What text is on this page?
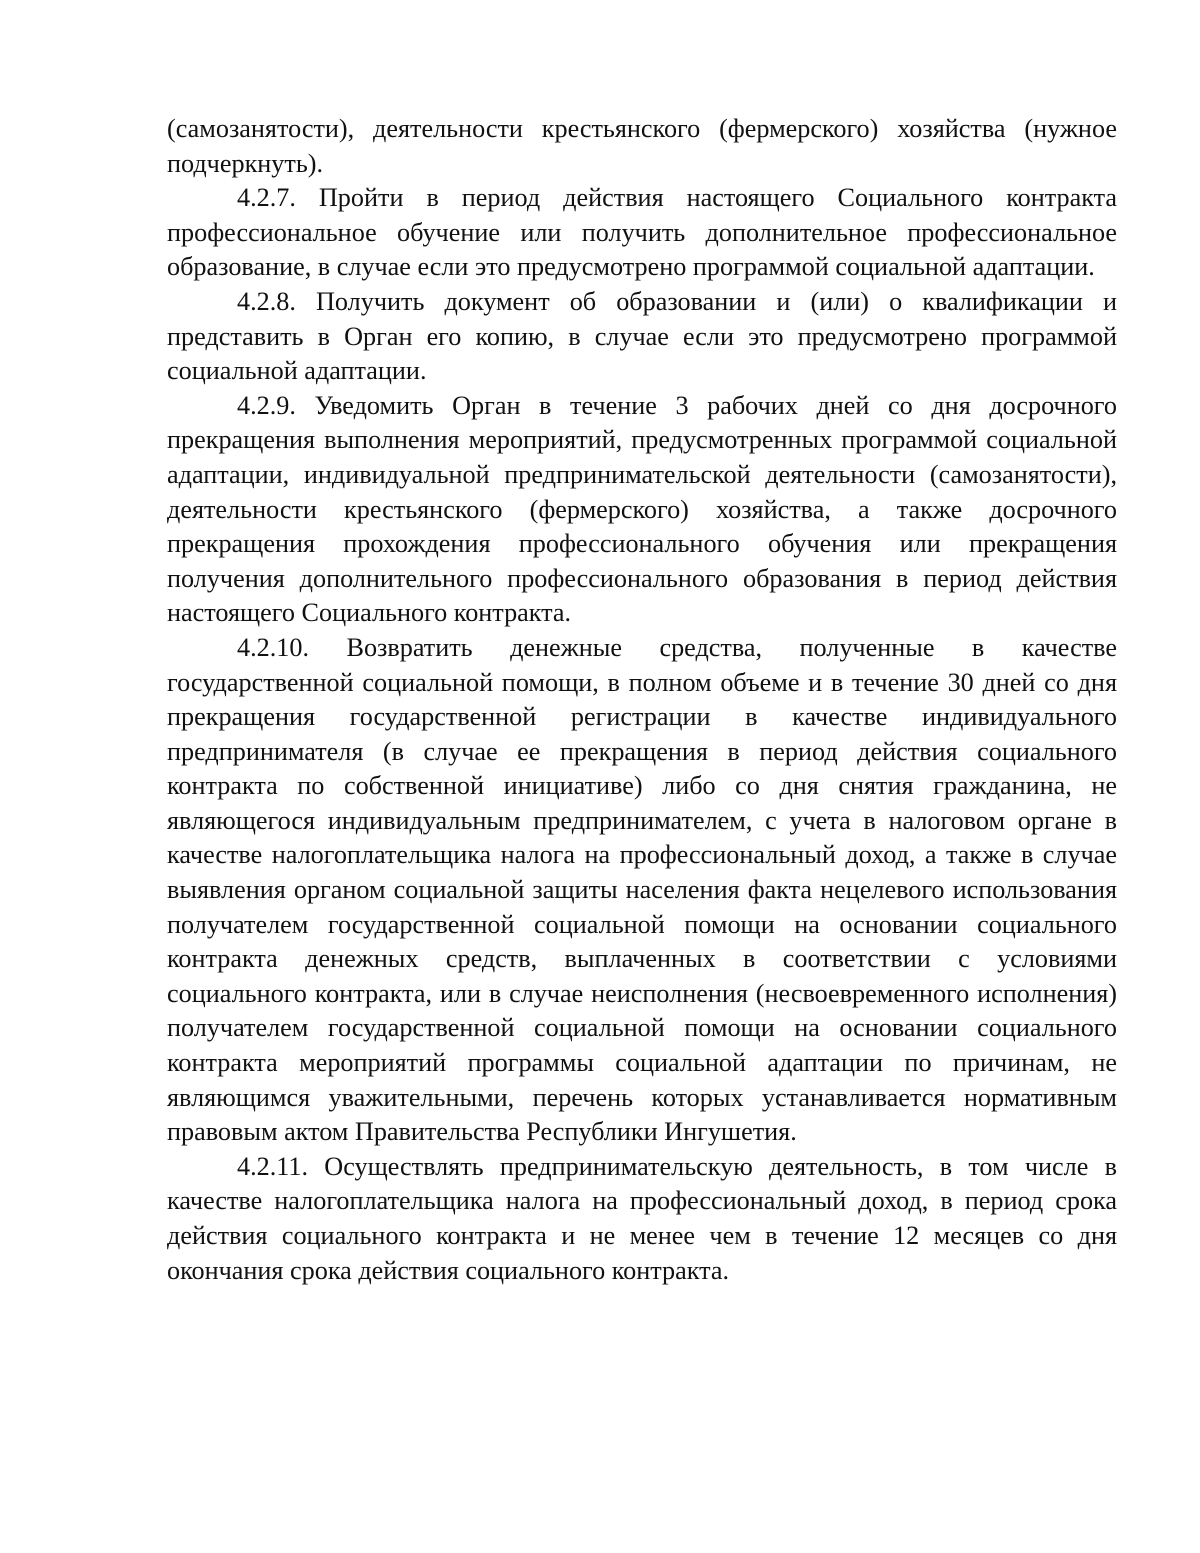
(самозанятости), деятельности крестьянского (фермерского) хозяйства (нужное подчеркнуть).

4.2.7. Пройти в период действия настоящего Социального контракта профессиональное обучение или получить дополнительное профессиональное образование, в случае если это предусмотрено программой социальной адаптации.

4.2.8. Получить документ об образовании и (или) о квалификации и представить в Орган его копию, в случае если это предусмотрено программой социальной адаптации.

4.2.9. Уведомить Орган в течение 3 рабочих дней со дня досрочного прекращения выполнения мероприятий, предусмотренных программой социальной адаптации, индивидуальной предпринимательской деятельности (самозанятости), деятельности крестьянского (фермерского) хозяйства, а также досрочного прекращения прохождения профессионального обучения или прекращения получения дополнительного профессионального образования в период действия настоящего Социального контракта.

4.2.10. Возвратить денежные средства, полученные в качестве государственной социальной помощи, в полном объеме и в течение 30 дней со дня прекращения государственной регистрации в качестве индивидуального предпринимателя (в случае ее прекращения в период действия социального контракта по собственной инициативе) либо со дня снятия гражданина, не являющегося индивидуальным предпринимателем, с учета в налоговом органе в качестве налогоплательщика налога на профессиональный доход, а также в случае выявления органом социальной защиты населения факта нецелевого использования получателем государственной социальной помощи на основании социального контракта денежных средств, выплаченных в соответствии с условиями социального контракта, или в случае неисполнения (несвоевременного исполнения) получателем государственной социальной помощи на основании социального контракта мероприятий программы социальной адаптации по причинам, не являющимся уважительными, перечень которых устанавливается нормативным правовым актом Правительства Республики Ингушетия.

4.2.11. Осуществлять предпринимательскую деятельность, в том числе в качестве налогоплательщика налога на профессиональный доход, в период срока действия социального контракта и не менее чем в течение 12 месяцев со дня окончания срока действия социального контракта.
